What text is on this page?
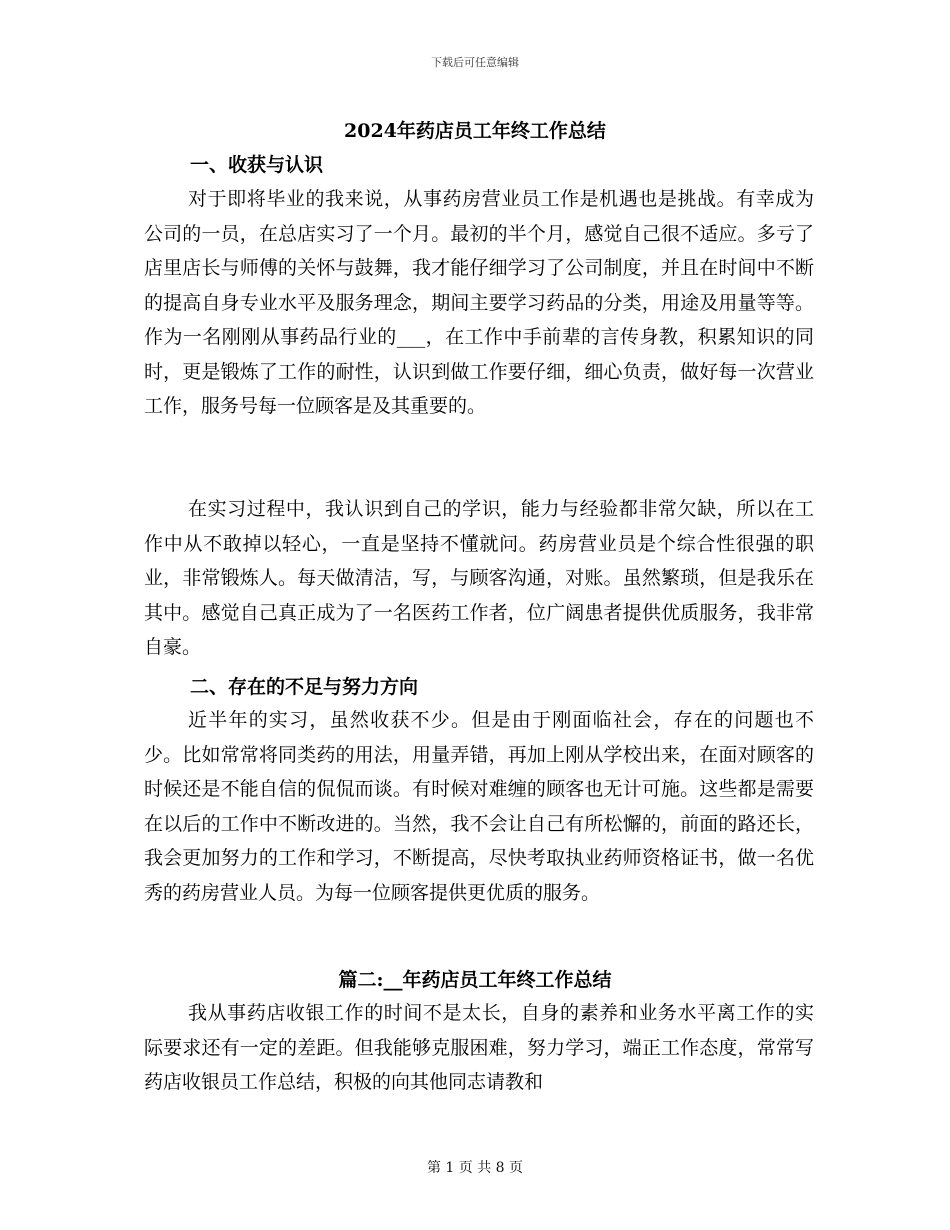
下载后可任意编辑
2024年药店员工年终工作总结
一、收获与认识

对于即将毕业的我来说，从事药房营业员工作是机遇也是挑战。有幸成为公司的一员，在总店实习了一个月。最初的半个月，感觉自己很不适应。多亏了店里店长与师傅的关怀与鼓舞，我才能仔细学习了公司制度，并且在时间中不断的提高自身专业水平及服务理念，期间主要学习药品的分类，用途及用量等等。作为一名刚刚从事药品行业的___，在工作中手前辈的言传身教，积累知识的同时，更是锻炼了工作的耐性，认识到做工作要仔细，细心负责，做好每一次营业工作，服务号每一位顾客是及其重要的。

在实习过程中，我认识到自己的学识，能力与经验都非常欠缺，所以在工作中从不敢掉以轻心，一直是坚持不懂就问。药房营业员是个综合性很强的职业，非常锻炼人。每天做清洁，写，与顾客沟通，对账。虽然繁琐，但是我乐在其中。感觉自己真正成为了一名医药工作者，位广阔患者提供优质服务，我非常自豪。

二、存在的不足与努力方向

近半年的实习，虽然收获不少。但是由于刚面临社会，存在的问题也不少。比如常常将同类药的用法，用量弄错，再加上刚从学校出来，在面对顾客的时候还是不能自信的侃侃而谈。有时候对难缠的顾客也无计可施。这些都是需要在以后的工作中不断改进的。当然，我不会让自己有所松懈的，前面的路还长，我会更加努力的工作和学习，不断提高，尽快考取执业药师资格证书，做一名优秀的药房营业人员。为每一位顾客提供更优质的服务。

篇二:__年药店员工年终工作总结

我从事药店收银工作的时间不是太长，自身的素养和业务水平离工作的实际要求还有一定的差距。但我能够克服困难，努力学习，端正工作态度，常常写药店收银员工作总结，积极的向其他同志请教和

第 1 页 共 8 页
